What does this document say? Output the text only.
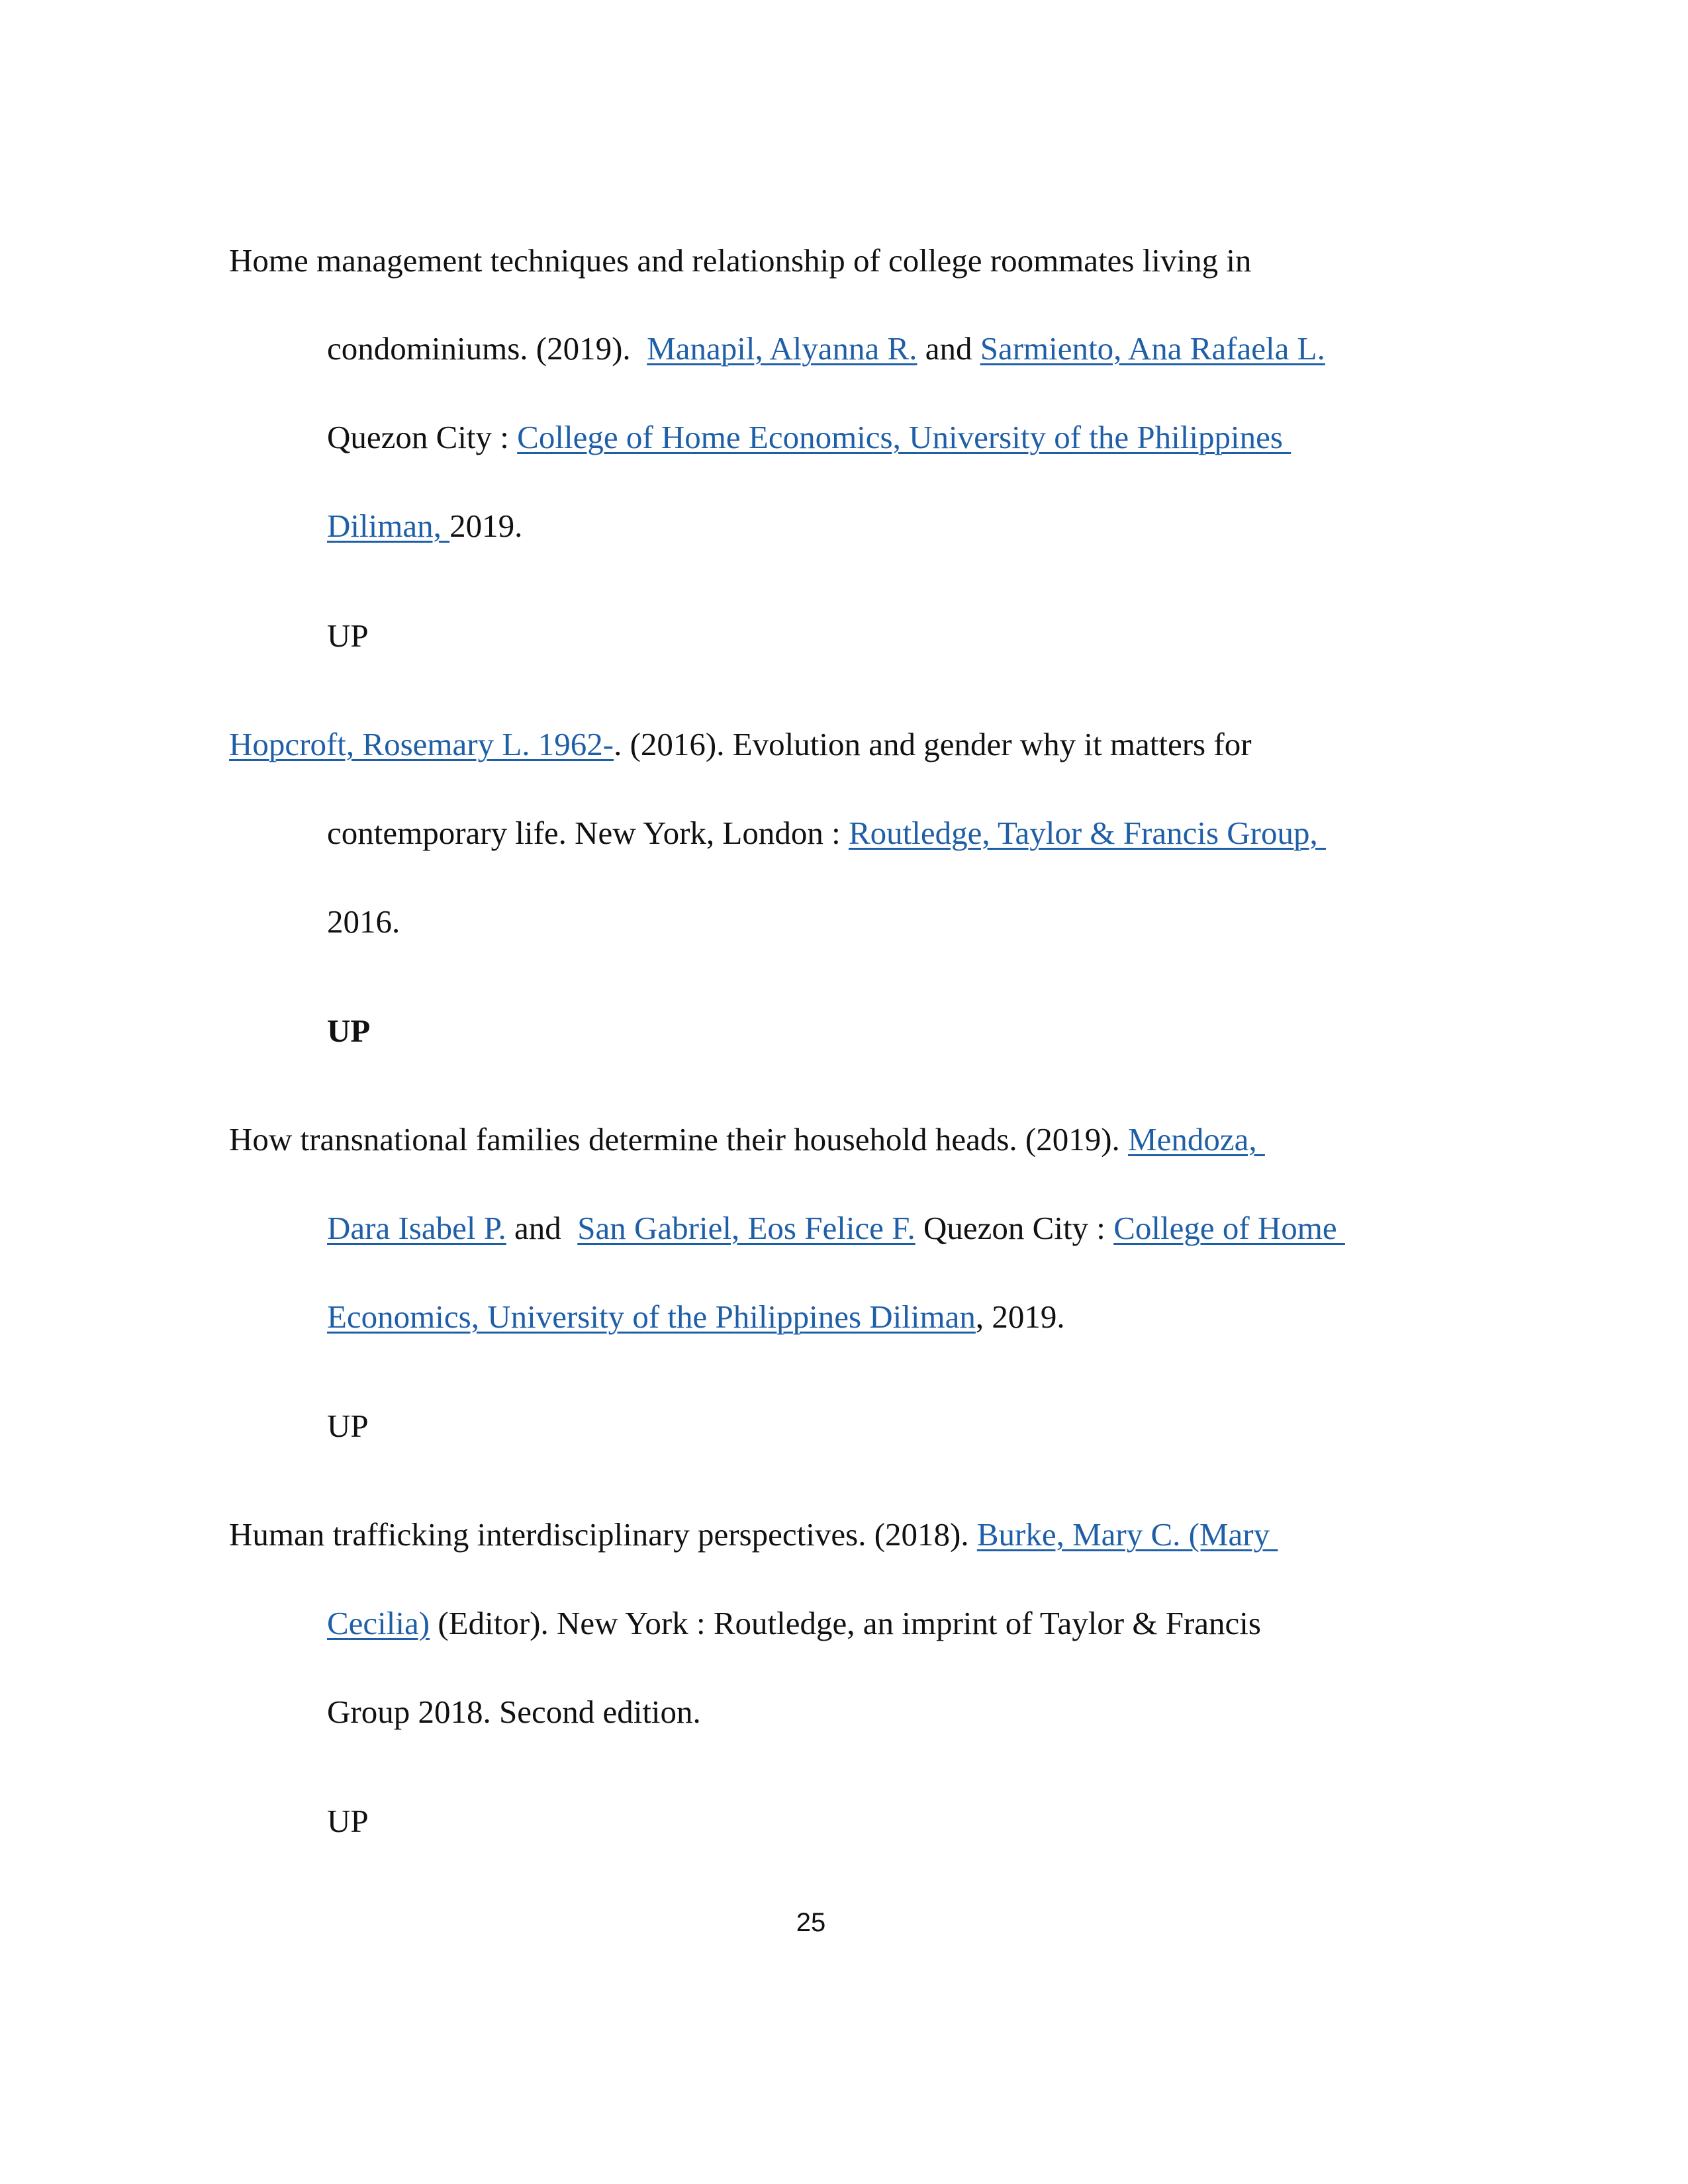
Home management techniques and relationship of college roommates living in

condominiums. (2019).  Manapil, Alyanna R. and Sarmiento, Ana Rafaela L.

Quezon City : College of Home Economics, University of the Philippines

Diliman, 2019.

UP

Hopcroft, Rosemary L. 1962-. (2016). Evolution and gender why it matters for

contemporary life. New York, London : Routledge, Taylor & Francis Group,

2016.

UP

How transnational families determine their household heads. (2019). Mendoza,

Dara Isabel P. and  San Gabriel, Eos Felice F. Quezon City : College of Home

Economics, University of the Philippines Diliman, 2019.

UP

Human trafficking interdisciplinary perspectives. (2018). Burke, Mary C. (Mary

Cecilia) (Editor). New York : Routledge, an imprint of Taylor & Francis

Group 2018. Second edition.

UP

25
